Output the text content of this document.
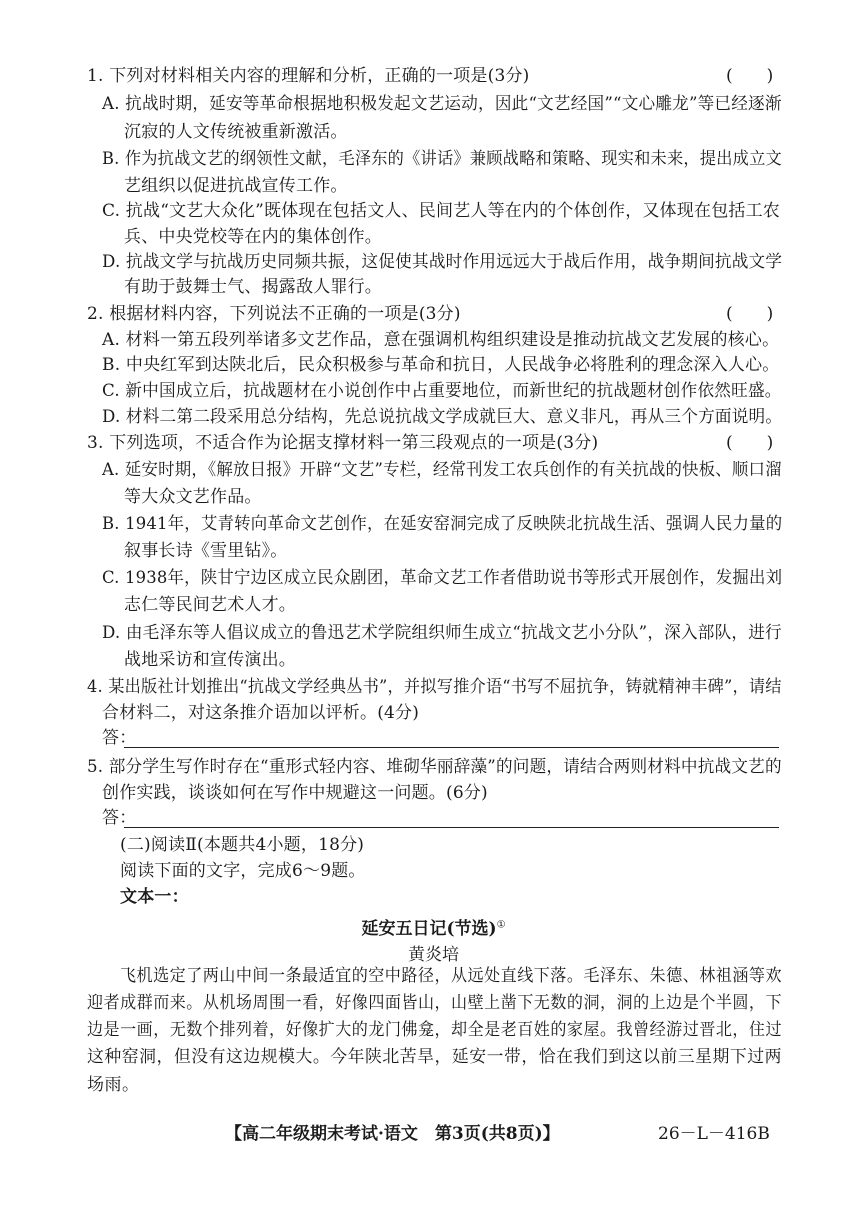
1. 下列对材料相关内容的理解和分析，正确的一项是(3分)	(　　)
A. 抗战时期，延安等革命根据地积极发起文艺运动，因此“文艺经国”“文心雕龙”等已经逐渐
沉寂的人文传统被重新激活。
B. 作为抗战文艺的纲领性文献，毛泽东的《讲话》兼顾战略和策略、现实和未来，提出成立文
艺组织以促进抗战宣传工作。
C. 抗战“文艺大众化”既体现在包括文人、民间艺人等在内的个体创作，又体现在包括工农
兵、中央党校等在内的集体创作。
D. 抗战文学与抗战历史同频共振，这促使其战时作用远远大于战后作用，战争期间抗战文学
有助于鼓舞士气、揭露敌人罪行。
2. 根据材料内容，下列说法不正确的一项是(3分)	(　　)
A. 材料一第五段列举诸多文艺作品，意在强调机构组织建设是推动抗战文艺发展的核心。
B. 中央红军到达陕北后，民众积极参与革命和抗日，人民战争必将胜利的理念深入人心。
C. 新中国成立后，抗战题材在小说创作中占重要地位，而新世纪的抗战题材创作依然旺盛。
D. 材料二第二段采用总分结构，先总说抗战文学成就巨大、意义非凡，再从三个方面说明。
3. 下列选项，不适合作为论据支撑材料一第三段观点的一项是(3分)	(　　)
A. 延安时期，《解放日报》开辟“文艺”专栏，经常刊发工农兵创作的有关抗战的快板、顺口溜
等大众文艺作品。
B. 1941年，艾青转向革命文艺创作，在延安窑洞完成了反映陕北抗战生活、强调人民力量的
叙事长诗《雪里钻》。
C. 1938年，陕甘宁边区成立民众剧团，革命文艺工作者借助说书等形式开展创作，发掘出刘
志仁等民间艺术人才。
D. 由毛泽东等人倡议成立的鲁迅艺术学院组织师生成立“抗战文艺小分队”，深入部队，进行
战地采访和宣传演出。
4. 某出版社计划推出“抗战文学经典丛书”，并拟写推介语“书写不屈抗争，铸就精神丰碑”，请结
合材料二，对这条推介语加以评析。(4分)
答：
5. 部分学生写作时存在“重形式轻内容、堆砌华丽辞藻”的问题，请结合两则材料中抗战文艺的
创作实践，谈谈如何在写作中规避这一问题。(6分)
答：
(二)阅读Ⅱ(本题共4小题，18分)
阅读下面的文字，完成6～9题。
文本一：
延安五日记(节选)①
黄炎培
飞机选定了两山中间一条最适宜的空中路径，从远处直线下落。毛泽东、朱德、林祖涵等欢
迎者成群而来。从机场周围一看，好像四面皆山，山壁上凿下无数的洞，洞的上边是个半圆，下
边是一画，无数个排列着，好像扩大的龙门佛龛，却全是老百姓的家屋。我曾经游过晋北，住过
这种窑洞，但没有这边规模大。今年陕北苦旱，延安一带，恰在我们到这以前三星期下过两
场雨。
【高二年级期末考试·语文　第3页(共8页)】	26－L－416B
